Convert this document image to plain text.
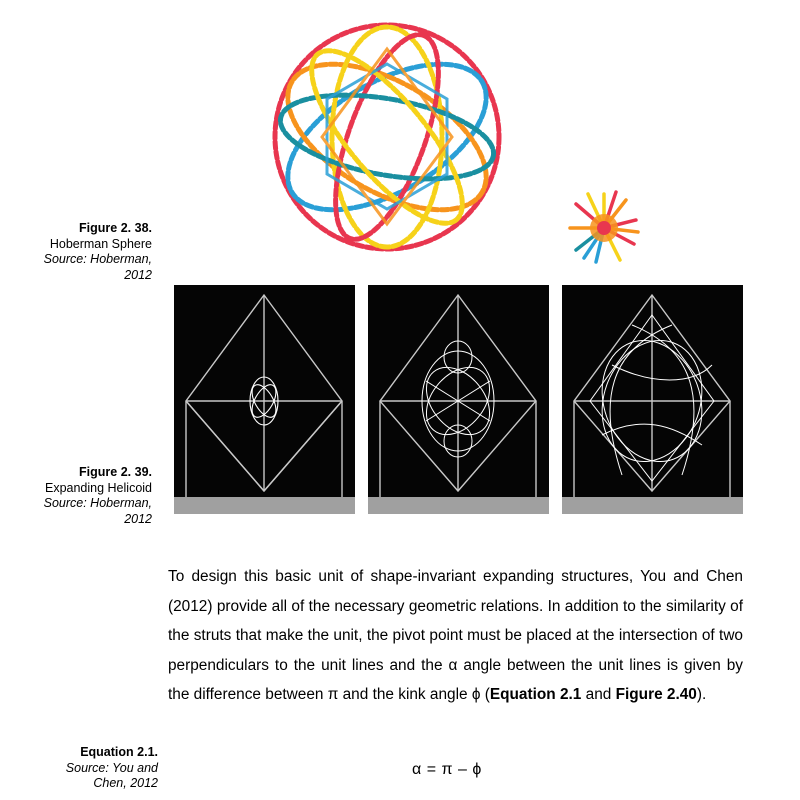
Figure 2. 38.
Hoberman Sphere
Source: Hoberman,
2012
Figure 2. 39.
Expanding Helicoid
Source: Hoberman,
2012

To design this basic unit of shape-invariant expanding structures, You and Chen (2012) provide all of the necessary geometric relations. In addition to the similarity of the struts that make the unit, the pivot point must be placed at the intersection of two perpendiculars to the unit lines and the α angle between the unit lines is given by the difference between π and the kink angle ϕ (Equation 2.1 and Figure 2.40).

Equation 2.1.
Source: You and
Chen, 2012
α = π – ϕ
